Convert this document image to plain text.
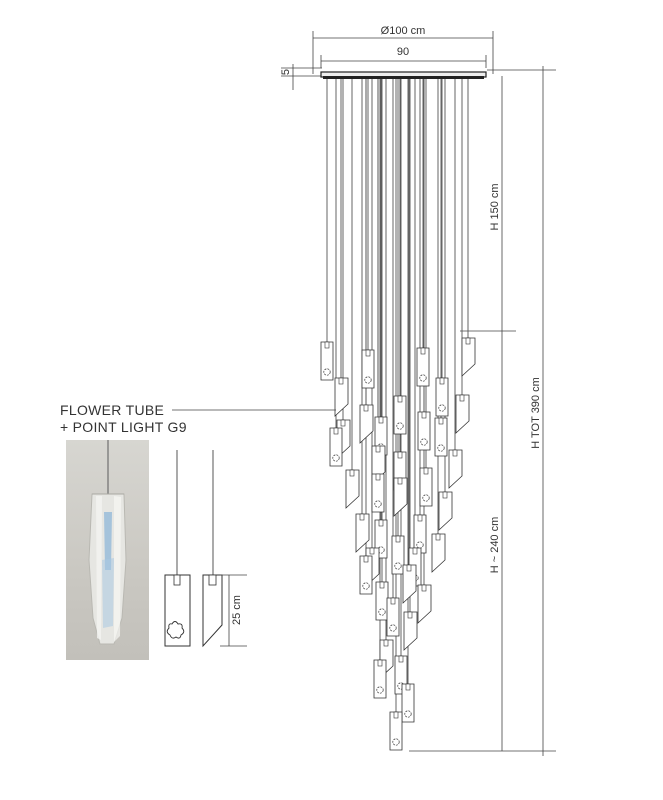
Ø100 cm
90
5
H 150 cm
H TOT 390 cm
H ~ 240 cm
FLOWER TUBE
+ POINT LIGHT G9
25 cm
